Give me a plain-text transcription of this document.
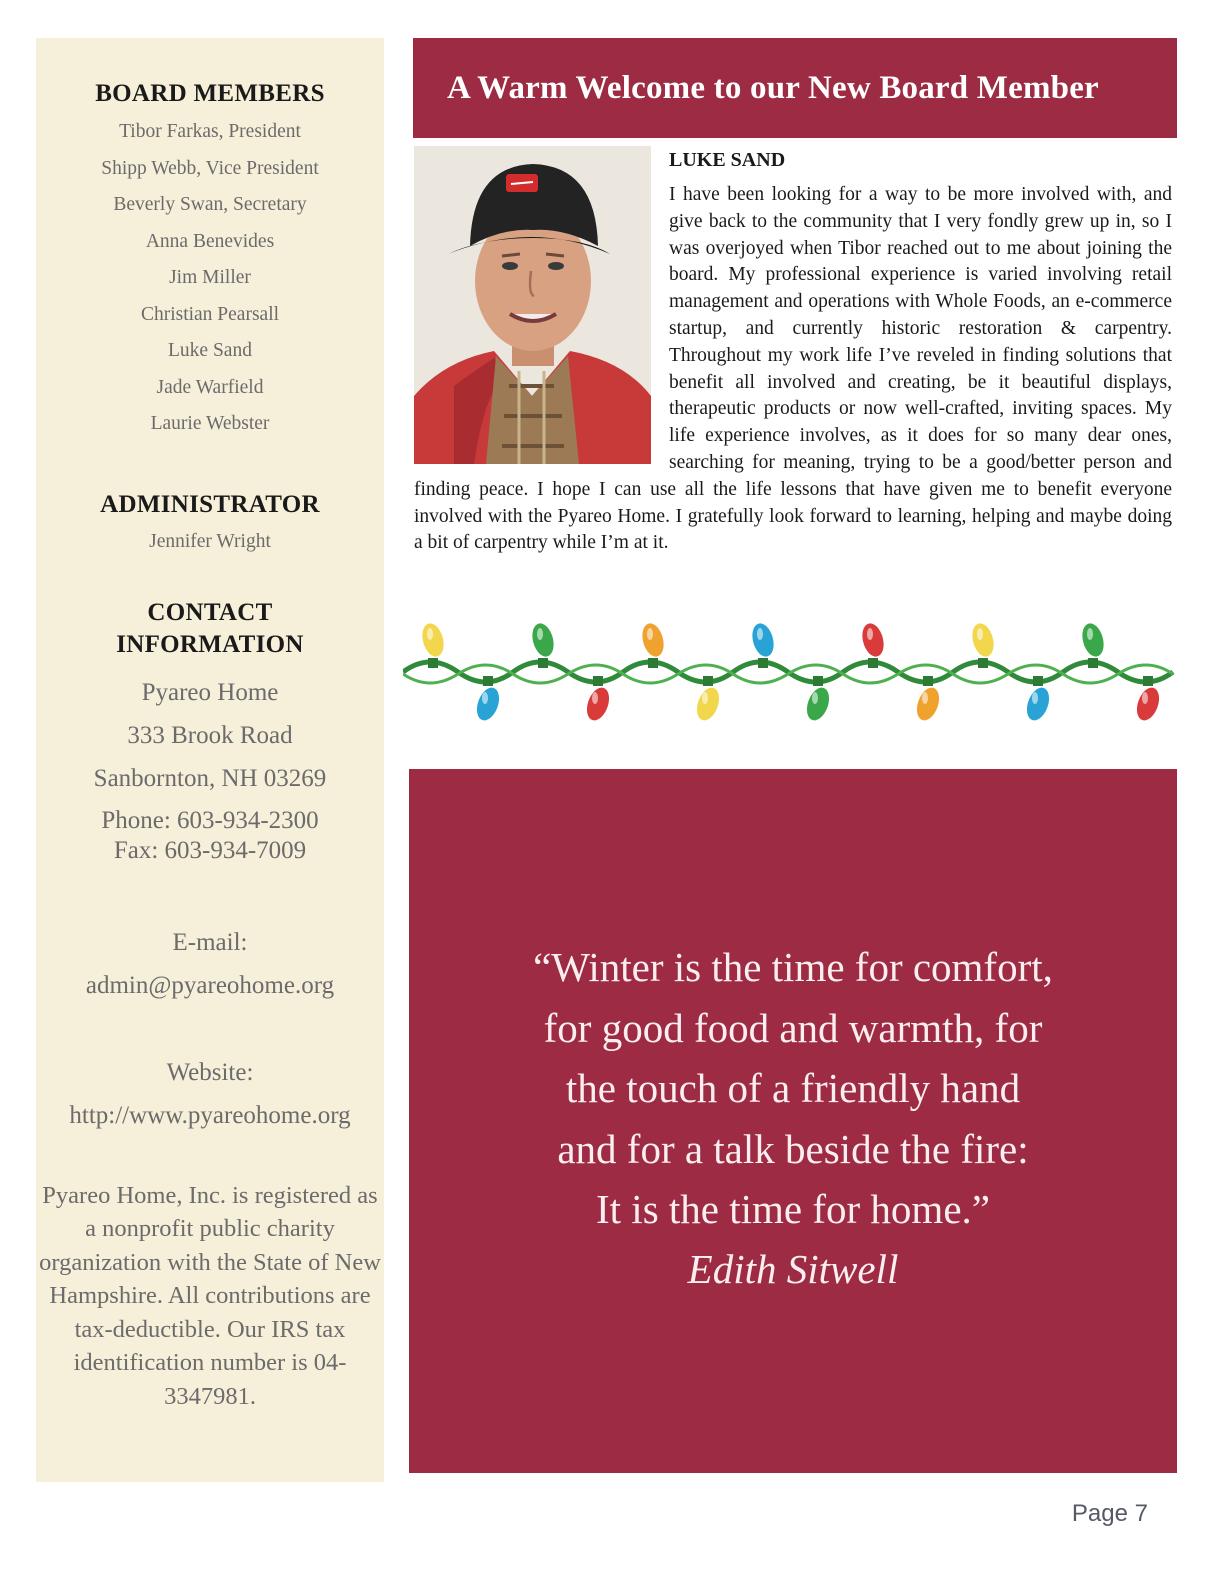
BOARD MEMBERS
Tibor Farkas, President
Shipp Webb, Vice President
Beverly Swan, Secretary
Anna Benevides
Jim Miller
Christian Pearsall
Luke Sand
Jade Warfield
Laurie Webster
ADMINISTRATOR

Jennifer Wright

CONTACT
INFORMATION

Pyareo Home

333 Brook Road

Sanbornton, NH 03269

Phone: 603-934-2300

Fax: 603-934-7009

E-mail:

admin@pyareohome.org

Website:

http://www.pyareohome.org

Pyareo Home, Inc. is registered as a nonprofit public charity organization with the State of New Hampshire. All contributions are tax-deductible. Our IRS tax identification number is 04-3347981.

A Warm Welcome to our New Board Member

LUKE SAND

I have been looking for a way to be more involved with, and give back to the community that I very fondly grew up in, so I was overjoyed when Tibor reached out to me about joining the board. My professional experience is varied involving retail management and operations with Whole Foods, an e-commerce startup, and currently historic restoration & carpentry. Throughout my work life I’ve reveled in finding solutions that benefit all involved and creating, be it beautiful displays, therapeutic products or now well-crafted, inviting spaces. My life experience involves, as it does for so many dear ones, searching for meaning, trying to be a good/better person and finding peace. I hope I can use all the life lessons that have given me to benefit everyone involved with the Pyareo Home. I gratefully look forward to learning, helping and maybe doing a bit of carpentry while I’m at it.

“Winter is the time for comfort,
for good food and warmth, for
the touch of a friendly hand
and for a talk beside the fire:
It is the time for home.”

Edith Sitwell

Page 7
